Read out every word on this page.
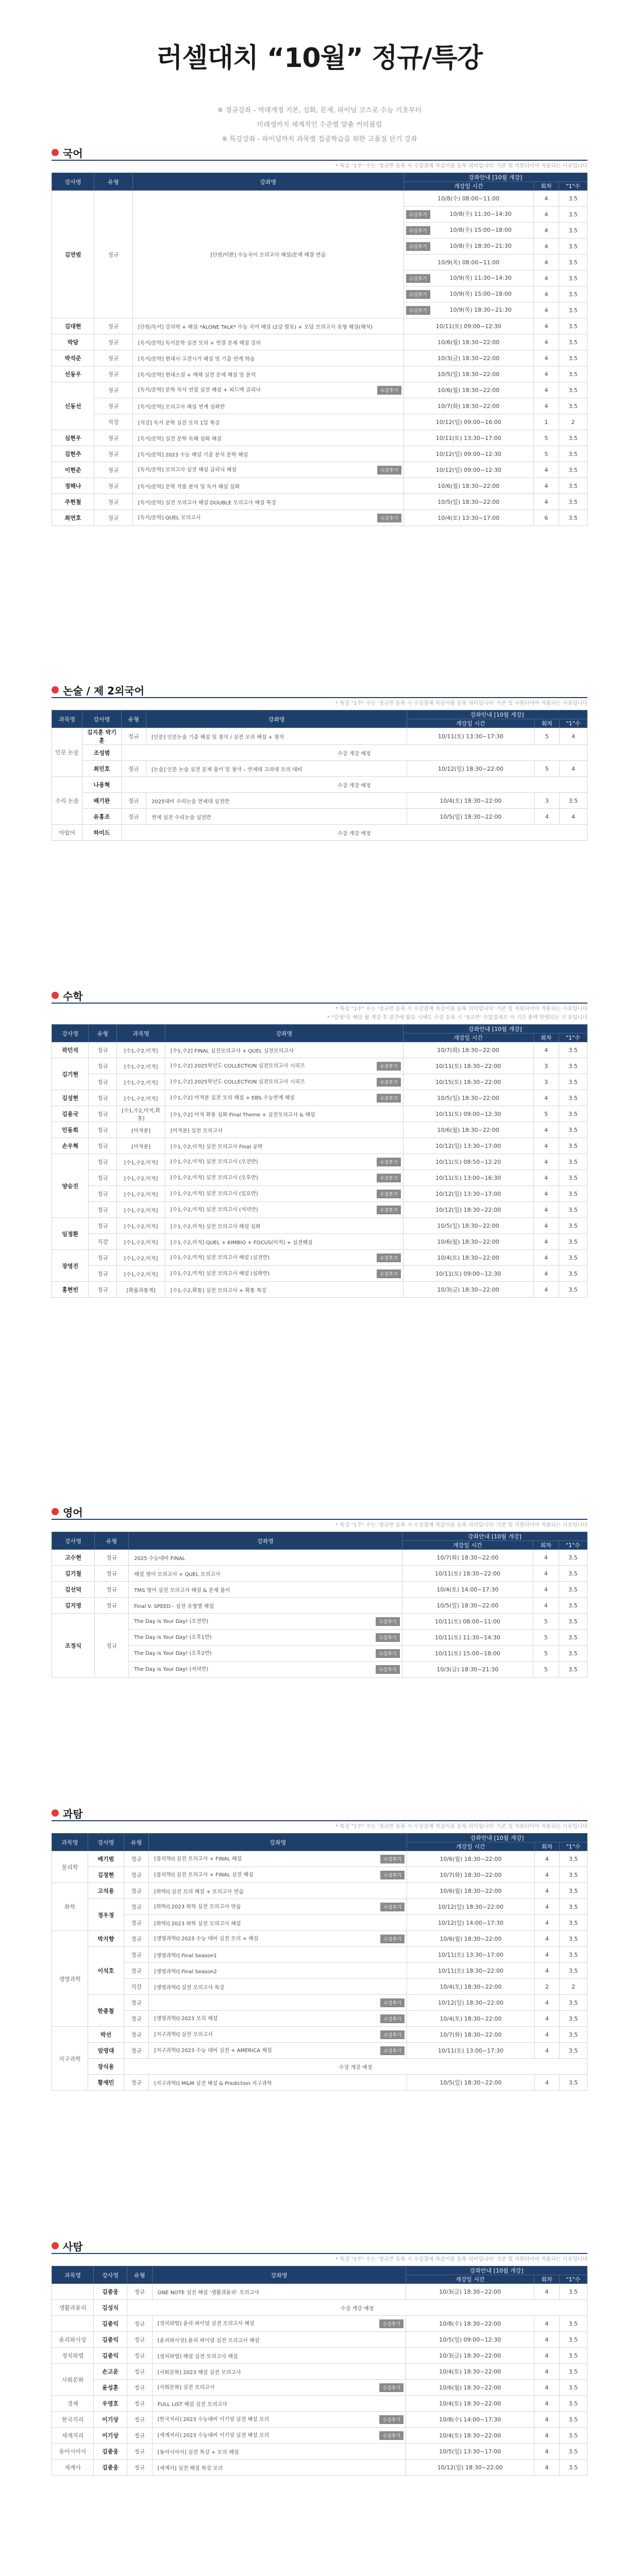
러셀대치 “10월” 정규/특강
※ 정규강좌 - 역대개정 기본, 심화, 문제, 파이널 코스로 수능 기초부터
미래생까지 체계적인 수준별 맞춤 커리큘럼
※ 특강강좌 - 파이널까지 과목별 집중학습을 위한 고품질 단기 강좌
국어
* 특강 "1주" 수는 '정규반 등록 시 수강결제 차감이용 등록 의미입니다' 기존 및 지원되어야 적용되는 시유입니다
강사명	유형	강좌명	강좌안내 [10월 개강]		
			개강일 시간	회차	"1"수
김연범	정규	[단원/미완] 수능국어 모의고사 해설/문제 해결 연습	10/8(수) 08:00~11:00	4	3.5

			수강후기 10/8(수) 11:30~14:30	4	3.5

			수강후기 10/8(수) 15:00~18:00	4	3.5

			수강후기 10/8(수) 18:30~21:30	4	3.5
			10/9(목) 08:00~11:00	4	3.5

			수강후기 10/9(목) 11:30~14:30	4	3.5

			수강후기 10/9(목) 15:00~18:00	4	3.5

			수강후기 10/9(목) 18:30~21:30	4	3.5
김대현	정규	[단원/독서] 강의력 + 해설 *ALONE TALK* 수능 국어 해설 (2강 발표) + 오답 모의고사 유형 해설(해석)	10/11(토) 09:00~12:30	4	3.5
박담	정규	[독서/문학] 독서문학 실전 모의 + 연결 문제 해설 강의	10/6(월) 18:30~22:00	4	3.5
박석준	정규	[독서/문학] 현대시·고전시가 해설 및 기출 연계 학습	10/3(금) 18:30~22:00	4	3.5
선동우	정규	[독서/문학] 현대소설 + 매체 실전 문제 해설 및 분석	10/5(일) 18:30~22:00	4	3.5
신동선	정규	[독서/문학] 문학 독서 연결 실전 해설 + 피드백 클리닉 수강후기	10/6(월) 18:30~22:00	4	3.5
	정규	[독서/문학] 모의고사 해설 연계 심화반	10/7(화) 18:30~22:00	4	3.5
	직강	[직강] 독서 문학 실전 모의 1일 특강	10/12(일) 09:00~16:00	1	2
심현우	정규	[독서/문학] 실전 문학 독해 심화 해설	10/11(토) 13:30~17:00	5	3.5
김현주	정규	[독서/문학] 2023 수능 해설 기출 분석 문학 해설	10/12(일) 09:00~12:30	5	3.5
이현준	정규	[독서/문학] 모의고사 실전 해설 클리닉 해설 수강후기	10/12(일) 09:00~12:30	4	3.5
정해나	정규	[독서/문학] 문학 작품 분석 및 독서 해설 심화	10/6(월) 18:30~22:00	4	3.5
주현철	정규	[독서/문학] 실전 모의고사 해설 DOUBLE 모의고사 해설 특강	10/5(일) 18:30~22:00	4	3.5
최연호	정규	[독서/문학] QUEL 모의고사 수강후기	10/4(토) 13:30~17:00	6	3.5
논술 / 제 2외국어
* 특강 "1주" 수는 '정규반 등록 시 수강결제 차감이용 등록 의미입니다' 기존 및 지원되어야 적용되는 시유입니다
과목명	강사명	유형	강좌명	강좌안내 [10월 개강]		
				개강일 시간	회차	"1"수
인문 논술	김지훈 박기훈	정규	[인문] 인문논술 기출 해설 및 첨삭 / 실전 모의 해설 + 첨삭	10/11(토) 13:30~17:30	5	4
	조성범	수강 개강 예정				
	최민호	정규	[논술] 인문 논술 실전 문제 풀이 및 첨삭 – 연세대 고려대 모의 대비	10/12(일) 18:30~22:00	5	4
수리 논술	나용혁	수강 개강 예정				
	배기완	정규	2025대비 수리논술 연세대 실전반	10/4(토) 18:30~22:00	3	3.5
	유홍조	정규	연세 실전 수리논술 실전반	10/5(일) 18:30~22:00	4	4
아랍어	하미드	수강 개강 예정				
수학
* 특강 "1주" 수는 '정규반 등록 시 수강결제 차감이용 등록 의미입니다' 기존 및 지원되어야 적용되는 시유입니다
* "강생"은 해당 월 개강 후 중간에 합류 시에도 수강 등록 시 '정규반' 수업결제로 이 기간 총액 반영되는 시 유입니다
강사명	유형	과목명	강좌명	강좌안내 [10월 개강]		
				개강일 시간	회차	"1"수
곽민석	정규	[수1,수2,미적]	[수1,수2] FINAL 실전모의고사 + QUEL 실전모의고사	10/7(화) 18:30~22:00	4	3.5
김기현	정규	[수1,수2,미적]	[수1,수2] 2025학년도 COLLECTION 실전모의고사 시리즈 수강후기	10/11(토) 18:30~22:00	3	3.5
	정규	[수1,수2,미적]	[수1,수2] 2025학년도 COLLECTION 실전모의고사 시리즈 수강후기	10/15(토) 18:30~22:00	3	3.5
김성현	정규	[수1,수2,미적]	[수1,수2] 미적분 실전 모의 해설 + EBS 수능연계 해설 수강후기	10/5(일) 18:30~22:00	4	3.5
김용국	정규	[수1,수2,미적,확통]	[수1,수2] 미적 확통 심화 Final Theme + 실전모의고사 & 해설	10/11(토) 09:00~12:30	5	3.5
민동희	정규	[미적분]	[미적분] 실전 모의고사	10/6(월) 18:30~22:00	4	3.5
손우혁	정규	[미적분]	[수1,수2,미적] 실전 모의고사 Final 공략	10/12(일) 13:30~17:00	4	3.5
양승진	정규	[수1,수2,미적]	[수1,수2,미적] 실전 모의고사 (오전반) 수강후기	10/11(토) 08:50~12:20	4	3.5
	정규	[수1,수2,미적]	[수1,수2,미적] 실전 모의고사 (오후반) 수강후기	10/11(토) 13:00~16:30	4	3.5
	정규	[수1,수2,미적]	[수1,수2,미적] 실전 모의고사 (일요반) 수강후기	10/12(일) 13:30~17:00	4	3.5
	정규	[수1,수2,미적]	[수1,수2,미적] 실전 모의고사 (저녁반) 수강후기	10/12(일) 18:30~22:00	4	3.5
임정환	정규	[수1,수2,미적]	[수1,수2,미적] 실전 모의고사 해설 심화	10/5(일) 18:30~22:00	4	3.5
	직강	[수1,수2,미적]	[수1,수2,미적] QUEL + KIMBIO + FOCUS(미적) + 실전해설	10/6(월) 18:30~22:00	4	3.5
장영진	정규	[수1,수2,미적]	[수1,수2,미적] 실전 모의고사 해설 (실전반) 수강후기	10/4(토) 18:30~22:00	4	3.5
	정규	[수1,수2,미적]	[수1,수2,미적] 실전 모의고사 해설 (심화반) 수강후기	10/11(토) 09:00~12:30	4	3.5
홍현빈	정규	[확률과통계]	[수1,수2,확통] 실전 모의고사 + 확통 특강	10/3(금) 18:30~22:00	4	3.5
영어
* 특강 "1주" 수는 '정규반 등록 시 수강결제 차감이용 등록 의미입니다' 기존 및 지원되어야 적용되는 시유입니다
강사명	유형	강좌명	강좌안내 [10월 개강]		
			개강일 시간	회차	"1"수
고수현	정규	2025 수능대비 FINAL	10/7(화) 18:30~22:00	4	3.5
김기철	정규	해설 영어 모의고사 + QUEL 모의고사	10/11(토) 18:30~22:00	4	3.5
김선덕	정규	TMS 영어 실전 모의고사 해설 & 문제 풀이	10/4(토) 14:00~17:30	4	3.5
김지영	정규	Final V. SPEED - 실전 유형별 해설	10/5(일) 18:30~22:00	4	3.5
조정식	정규	The Day is Your Day! (오전반) 수강후기	10/11(토) 08:00~11:00	5	3.5
		The Day is Your Day! (오후1반) 수강후기	10/11(토) 11:30~14:30	5	3.5
		The Day is Your Day! (오후2반) 수강후기	10/11(토) 15:00~18:00	5	3.5
		The Day is Your Day! (저녁반) 수강후기	10/3(금) 18:30~21:30	5	3.5
과탐
* 특강 "1주" 수는 '정규반 등록 시 수강결제 차감이용 등록 의미입니다' 기존 및 지원되어야 적용되는 시유입니다
과목명	강사명	유형	강좌명	강좌안내 [10월 개강]		
				개강일 시간	회차	"1"수
물리학	배기범	정규	[물리학I] 실전 모의고사 + FINAL 해설 수강후기	10/6(월) 18:30~22:00	4	3.5
	김정현	정규	[물리학I] 실전 모의고사 + FINAL 실전 해설 수강후기	10/7(화) 18:30~22:00	4	3.5
화학	고석용	정규	[화학I] 실전 모의 해설 + 모의고사 연습	10/6(월) 18:30~22:00	4	3.5
	정우정	정규	[화학I] 2023 화학 실전 모의고사 연습 수강후기	10/12(일) 18:30~22:00	4	3.5
		정규	[화학I] 2023 화학 실전 모의고사 해설	10/12(일) 14:00~17:30	4	3.5
생명과학	박지향	정규	[생명과학I] 2023 수능 대비 실전 모의 + 해설 수강후기	10/6(월) 18:30~22:00	4	3.5
	이석호	정규	[생명과학I] Final Season1	10/11(토) 13:30~17:00	4	3.5
		정규	[생명과학I] Final Season2	10/11(토) 18:30~22:00	4	3.5
		직강	[생명과학I] 실전 모의고사 특강	10/4(토) 18:30~22:00	2	2
	한종철	정규	수강후기	10/12(일) 18:30~22:00	4	3.5
		정규	[생명과학I] 2023 모의 해설 수강후기	10/4(토) 18:30~22:00	4	3.5
지구과학	박선	정규	[지구과학I] 실전 모의고사 수강후기	10/7(화) 18:30~22:00	4	3.5
	엄영대	정규	[지구과학I] 2023 수능 대비 실전 + AMERICA 해설 수강후기	10/11(토) 13:00~17:30	4	3.5
	장식용	수강 개강 예정				
	황재민	정규	[지구과학I] M&M 실전 해설 & Prediction 지구과학	10/5(일) 18:30~22:00	4	3.5
사탐
* 특강 "1주" 수는 '정규반 등록 시 수강결제 차감이용 등록 의미입니다' 기존 및 지원되어야 적용되는 시유입니다
과목명	강사명	유형	강좌명	강좌안내 [10월 개강]		
				개강일 시간	회차	"1"수
	김종웅	정규	ONE NOTE 실전 해설 ‘생활과윤리’ 모의고사	10/3(금) 18:30~22:00	4	3.5
생활과윤리	김성식	수강 개강 예정				
	김종익	정규	[정치와법] 윤리 파이널 실전 모의고사 해설 수강후기	10/8(수) 18:30~22:00	4	3.5
윤리와사상	김종익	정규	[윤리와사상] 윤리 파이널 실전 모의고사 해설	10/5(일) 09:00~12:30	4	3.5
정치와법	김종익	정규	[정치와법] 해설 실전 모의고사 해설	10/3(금) 18:30~22:00	4	3.5
사회문화	손고운	정규	[사회문화] 2023 해설 실전 모의고사	10/4(토) 18:30~22:00	4	3.5
	윤성훈	정규	[사회문화] 실전 모의고사 수강후기	10/6(월) 18:30~22:00	4	3.5
경제	우영호	정규	FULL LIST 해설 실전 모의고사	10/4(토) 18:30~22:00	4	3.5
한국지리	이기상	정규	[한국지리] 2023 수능대비 이기상 실전 해설 모의 수강후기	10/8(수) 14:00~17:30	4	3.5
세계지리	이기상	정규	[세계지리] 2023 수능대비 이기상 실전 해설 모의 수강후기	10/4(토) 18:30~22:00	4	3.5
동아시아사	김종웅	정규	[동아시아사] 실전 특강 + 모의 해설	10/5(일) 13:30~17:00	4	3.5
세계사	김종웅	정규	[세계사] 실전 해설 특강 모의	10/12(일) 18:30~22:00	4	3.5
